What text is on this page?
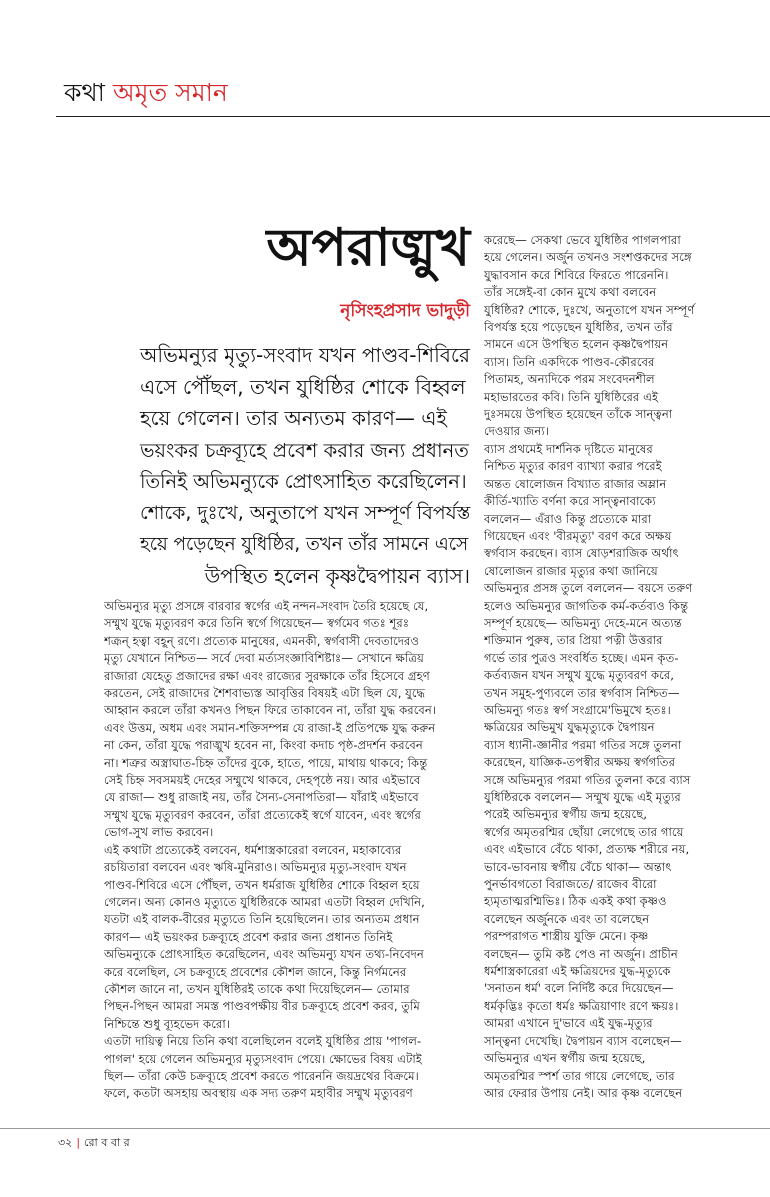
কথা অমৃত সমান
অপরাঙ্মুখ
নৃসিংহপ্রসাদ ভাদুড়ী

অভিমন্যুর মৃত্যু-সংবাদ যখন পাণ্ডব-শিবিরে

এসে পৌঁছল, তখন যুধিষ্ঠির শোকে বিহ্বল

হয়ে গেলেন। তার অন্যতম কারণ— এই

ভয়ংকর চক্রব্যূহে প্রবেশ করার জন্য প্রধানত

তিনিই অভিমন্যুকে প্রোৎসাহিত করেছিলেন।

শোকে, দুঃখে, অনুতাপে যখন সম্পূর্ণ বিপর্যস্ত

হয়ে পড়েছেন যুধিষ্ঠির, তখন তাঁর সামনে এসে

উপস্থিত হলেন কৃষ্ণদ্বৈপায়ন ব্যাস।

অভিমন্যুর মৃত্যু প্রসঙ্গে বারবার স্বর্গের এই নন্দন-সংবাদ তৈরি হয়েছে যে,

সম্মুখ যুদ্ধে মৃত্যুবরণ করে তিনি স্বর্গে গিয়েছেন— স্বর্গমেব গতঃ শূরঃ

শত্রূন্ হত্বা বহূন্ রণে। প্রত্যেক মানুষের, এমনকী, স্বর্গবাসী দেবতাদেরও

মৃত্যু যেখানে নিশ্চিত— সর্বে দেবা মর্ত্যসংজ্ঞাবিশিষ্টাঃ— সেখানে ক্ষত্রিয়

রাজারা যেহেতু প্রজাদের রক্ষা এবং রাজ্যের সুরক্ষাকে তাঁর হিসেবে গ্রহণ

করতেন, সেই রাজাদের শৈশবাভ্যস্ত আবৃত্তির বিষয়ই এটা ছিল যে, যুদ্ধে

আহ্বান করলে তাঁরা কখনও পিছন ফিরে তাকাবেন না, তাঁরা যুদ্ধ করবেন।

এবং উত্তম, অধম এবং সমান-শক্তিসম্পন্ন যে রাজা-ই প্রতিপক্ষে যুদ্ধ করুন

না কেন, তাঁরা যুদ্ধে পরাঙ্মুখ হবেন না, কিংবা কদাচ পৃষ্ঠ-প্রদর্শন করবেন

না। শত্রুর অস্ত্রাঘাত-চিহ্ন তাঁদের বুকে, হাতে, পায়ে, মাথায় থাকবে; কিন্তু

সেই চিহ্ন সবসময়ই দেহের সম্মুখে থাকবে, দেহপৃষ্ঠে নয়। আর এইভাবে

যে রাজা— শুধু রাজাই নয়, তাঁর সৈন্য-সেনাপতিরা— যাঁরাই এইভাবে

সম্মুখ যুদ্ধে মৃত্যুবরণ করবেন, তাঁরা প্রত্যেকেই স্বর্গে যাবেন, এবং স্বর্গের

ভোগ-সুখ লাভ করবেন।

এই কথাটা প্রত্যেকেই বলবেন, ধর্মশাস্ত্রকারেরা বলবেন, মহাকাব্যের

রচয়িতারা বলবেন এবং ঋষি-মুনিরাও। অভিমন্যুর মৃত্যু-সংবাদ যখন

পাণ্ডব-শিবিরে এসে পৌঁছল, তখন ধর্মরাজ যুধিষ্ঠির শোকে বিহ্বল হয়ে

গেলেন। অন্য কোনও মৃত্যুতে যুধিষ্ঠিরকে আমরা এতটা বিহ্বল দেখিনি,

যতটা এই বালক-বীরের মৃত্যুতে তিনি হয়েছিলেন। তার অন্যতম প্রধান

কারণ— এই ভয়ংকর চক্রব্যূহে প্রবেশ করার জন্য প্রধানত তিনিই

অভিমন্যুকে প্রোৎসাহিত করেছিলেন, এবং অভিমন্যু যখন তথ্য-নিবেদন

করে বলেছিল, সে চক্রব্যূহে প্রবেশের কৌশল জানে, কিন্তু নির্গমনের

কৌশল জানে না, তখন যুধিষ্ঠিরই তাকে কথা দিয়েছিলেন— তোমার

পিছন-পিছন আমরা সমস্ত পাণ্ডবপক্ষীয় বীর চক্রব্যূহে প্রবেশ করব, তুমি

নিশ্চিন্তে শুধু ব্যূহভেদ করো।

এতটা দায়িত্ব নিয়ে তিনি কথা বলেছিলেন বলেই যুধিষ্ঠির প্রায় 'পাগল-

পাগল' হয়ে গেলেন অভিমন্যুর মৃত্যুসংবাদ পেয়ে। ক্ষোভের বিষয় এটাই

ছিল— তাঁরা কেউ চক্রব্যূহে প্রবেশ করতে পারেননি জয়দ্রথের বিক্রমে।

ফলে, কতটা অসহায় অবস্থায় এক সদ্য তরুণ মহাবীর সম্মুখ মৃত্যুবরণ

করেছে— সেকথা ভেবে যুধিষ্ঠির পাগলপারা

হয়ে গেলেন। অর্জুন তখনও সংশপ্তকদের সঙ্গে

যুদ্ধাবসান করে শিবিরে ফিরতে পারেননি।

তাঁর সঙ্গেই-বা কোন মুখে কথা বলবেন

যুধিষ্ঠির? শোকে, দুঃখে, অনুতাপে যখন সম্পূর্ণ

বিপর্যস্ত হয়ে পড়েছেন যুধিষ্ঠির, তখন তাঁর

সামনে এসে উপস্থিত হলেন কৃষ্ণদ্বৈপায়ন

ব্যাস। তিনি একদিকে পাণ্ডব-কৌরবের

পিতামহ, অন্যদিকে পরম সংবেদনশীল

মহাভারতের কবি। তিনি যুধিষ্ঠিরের এই

দুঃসময়ে উপস্থিত হয়েছেন তাঁকে সান্ত্বনা

দেওয়ার জন্য।

ব্যাস প্রথমেই দার্শনিক দৃষ্টিতে মানুষের

নিশ্চিত মৃত্যুর কারণ ব্যাখ্যা করার পরেই

অন্তত ষোলোজন বিখ্যাত রাজার অম্লান

কীর্তি-খ্যাতি বর্ণনা করে সান্ত্বনাবাক্যে

বললেন— এঁরাও কিন্তু প্রত্যেকে মারা

গিয়েছেন এবং 'বীরমৃত্যু' বরণ করে অক্ষয়

স্বর্গবাস করছেন। ব্যাস ষোড়শরাজিক অর্থাৎ

ষোলোজন রাজার মৃত্যুর কথা জানিয়ে

অভিমন্যুর প্রসঙ্গ তুলে বললেন— বয়সে তরুণ

হলেও অভিমন্যুর জাগতিক কর্ম-কর্তব্যও কিন্তু

সম্পূর্ণ হয়েছে— অভিমন্যু দেহে-মনে অত্যন্ত

শক্তিমান পুরুষ, তার প্রিয়া পত্নী উত্তরার

গর্ভে তার পুত্রও সংবর্ধিত হচ্ছে। এমন কৃত-

কর্তব্যজন যখন সম্মুখ যুদ্ধে মৃত্যুবরণ করে,

তখন সমুহ-পুণ্যবলে তার স্বর্গবাস নিশ্চিত—

অভিমন্যু গতঃ স্বর্গ সংগ্রামে'ভিমুখে হতঃ।

ক্ষত্রিয়ের অভিমুখ যুদ্ধমৃত্যুকে দ্বৈপায়ন

ব্যাস ধ্যানী-জ্ঞানীর পরমা গতির সঙ্গে তুলনা

করেছেন, যাজ্ঞিক-তপস্বীর অক্ষয় স্বর্গগতির

সঙ্গে অভিমন্যুর পরমা গতির তুলনা করে ব্যাস

যুধিষ্ঠিরকে বললেন— সম্মুখ যুদ্ধে এই মৃত্যুর

পরেই অভিমন্যুর স্বর্গীয় জন্ম হয়েছে,

স্বর্গের অমৃতরশ্মির ছোঁয়া লেগেছে তার গায়ে

এবং এইভাবে বেঁচে থাকা, প্রত্যক্ষ শরীরে নয়,

ভাবে-ভাবনায় স্বর্গীয় বেঁচে থাকা— অন্তাৎ

পুনর্ভাবগতো বিরাজতে/ রাজেব বীরো

হ্যমৃতাত্মরশ্মিভিঃ। ঠিক একই কথা কৃষ্ণও

বলেছেন অর্জুনকে এবং তা বলেছেন

পরম্পরাগত শাস্ত্রীয় যুক্তি মেনে। কৃষ্ণ

বলছেন— তুমি কষ্ট পেও না অর্জুন। প্রাচীন

ধর্মশাস্ত্রকারেরা এই ক্ষত্রিয়দের যুদ্ধ-মৃত্যুকে

'সনাতন ধর্ম' বলে নির্দিষ্ট করে দিয়েছেন—

ধর্মকৃদ্ভিঃ কৃতো ধর্মঃ ক্ষত্রিয়াণাং রণে ক্ষয়ঃ।

আমরা এখানে দু'ভাবে এই যুদ্ধ-মৃত্যুর

সান্ত্বনা দেখেছি। দ্বৈপায়ন ব্যাস বলেছেন—

অভিমন্যুর এখন স্বর্গীয় জন্ম হয়েছে,

অমৃতরশ্মির স্পর্শ তার গায়ে লেগেছে, তার

আর ফেরার উপায় নেই। আর কৃষ্ণ বলেছেন

৩২ | রো ব বা র
